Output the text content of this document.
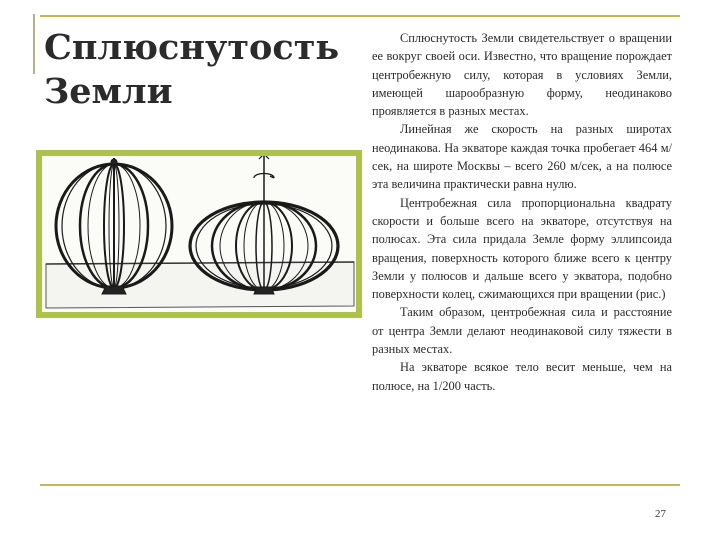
Сплюснутость
Земли

Сплюснутость Земли свидетельствует о вращении ее вокруг своей оси. Известно, что вращение порождает центробежную силу, которая в условиях Земли, имеющей шарообразную форму, неодинаково проявляется в разных местах.

Линейная же скорость на разных широтах неодинакова. На экваторе каждая точка пробегает 464 м/сек, на широте Москвы – всего 260 м/сек, а на полюсе эта величина практически равна нулю.

Центробежная сила пропорциональна квадрату скорости и больше всего на экваторе, отсутствуя на полюсах. Эта сила придала Земле форму эллипсоида вращения, поверхность которого ближе всего к центру Земли у полюсов и дальше всего у экватора, подобно поверхности колец, сжимающихся при вращении (рис.)

Таким образом, центробежная сила и расстояние от центра Земли делают неодинаковой силу тяжести в разных местах.

На экваторе всякое тело весит меньше, чем на полюсе, на 1/200 часть.

27
